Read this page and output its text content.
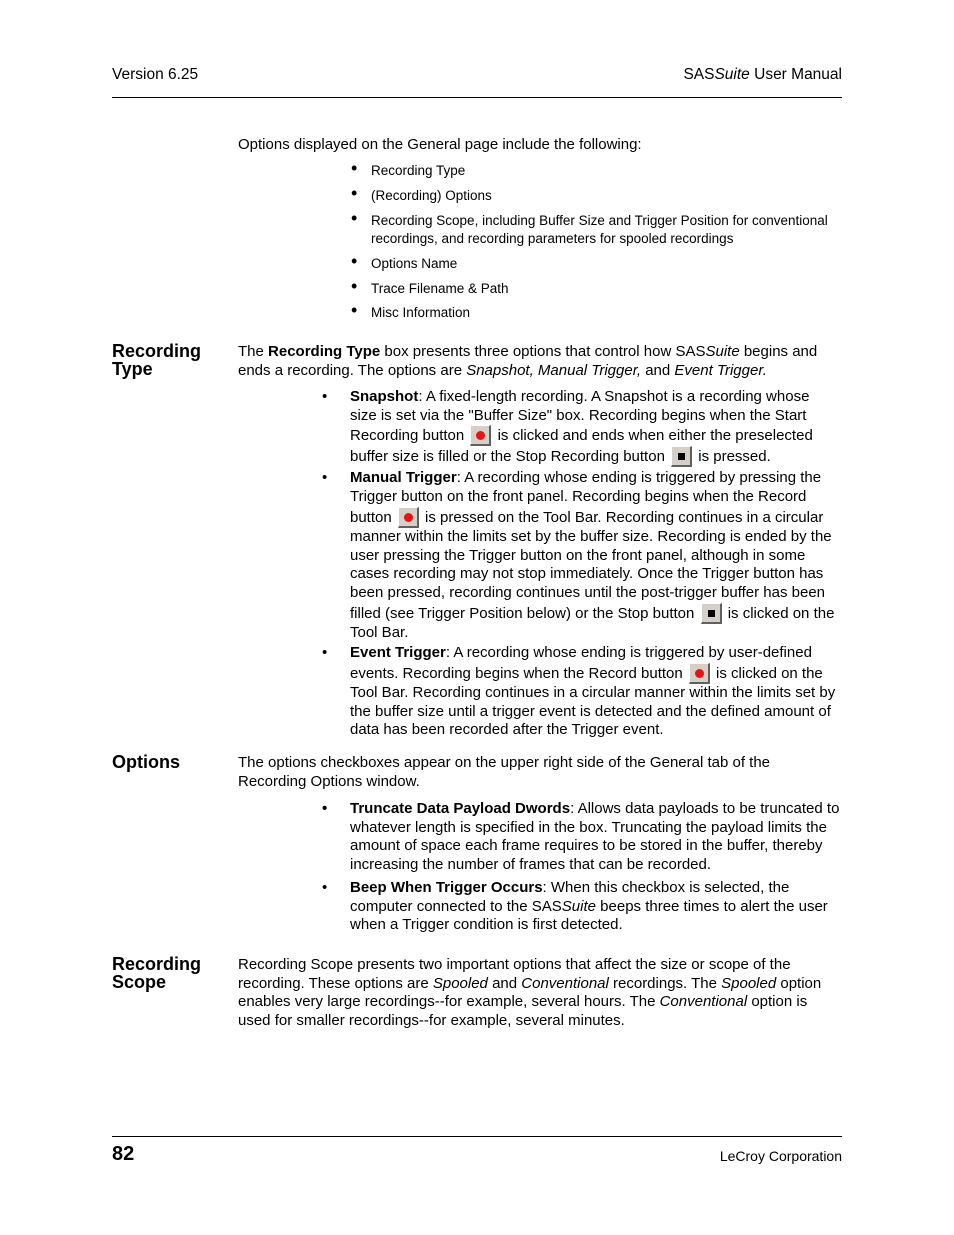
Version 6.25	SASSuite User Manual
Options displayed on the General page include the following:
• Recording Type
• (Recording) Options
• Recording Scope, including Buffer Size and Trigger Position for conventional
recordings, and recording parameters for spooled recordings
• Options Name
• Trace Filename & Path
• Misc Information
Recording
Type
The Recording Type box presents three options that control how SASSuite begins and ends a recording. The options are Snapshot, Manual Trigger, and Event Trigger.
• Snapshot: A fixed-length recording. A Snapshot is a recording whose size is set via the "Buffer Size" box. Recording begins when the Start Recording button  is clicked and ends when either the preselected buffer size is filled or the Stop Recording button  is pressed.
• Manual Trigger: A recording whose ending is triggered by pressing the Trigger button on the front panel. Recording begins when the Record button  is pressed on the Tool Bar. Recording continues in a circular manner within the limits set by the buffer size. Recording is ended by the user pressing the Trigger button on the front panel, although in some cases recording may not stop immediately. Once the Trigger button has been pressed, recording continues until the post-trigger buffer has been filled (see Trigger Position below) or the Stop button  is clicked on the Tool Bar.
• Event Trigger: A recording whose ending is triggered by user-defined events. Recording begins when the Record button  is clicked on the Tool Bar. Recording continues in a circular manner within the limits set by the buffer size until a trigger event is detected and the defined amount of data has been recorded after the Trigger event.
Options	The options checkboxes appear on the upper right side of the General tab of the Recording Options window.
• Truncate Data Payload Dwords: Allows data payloads to be truncated to whatever length is specified in the box. Truncating the payload limits the amount of space each frame requires to be stored in the buffer, thereby increasing the number of frames that can be recorded.
• Beep When Trigger Occurs: When this checkbox is selected, the computer connected to the SASSuite beeps three times to alert the user when a Trigger condition is first detected.
Recording
Scope
Recording Scope presents two important options that affect the size or scope of the recording. These options are Spooled and Conventional recordings. The Spooled option enables very large recordings--for example, several hours. The Conventional option is used for smaller recordings--for example, several minutes.
82	LeCroy Corporation
